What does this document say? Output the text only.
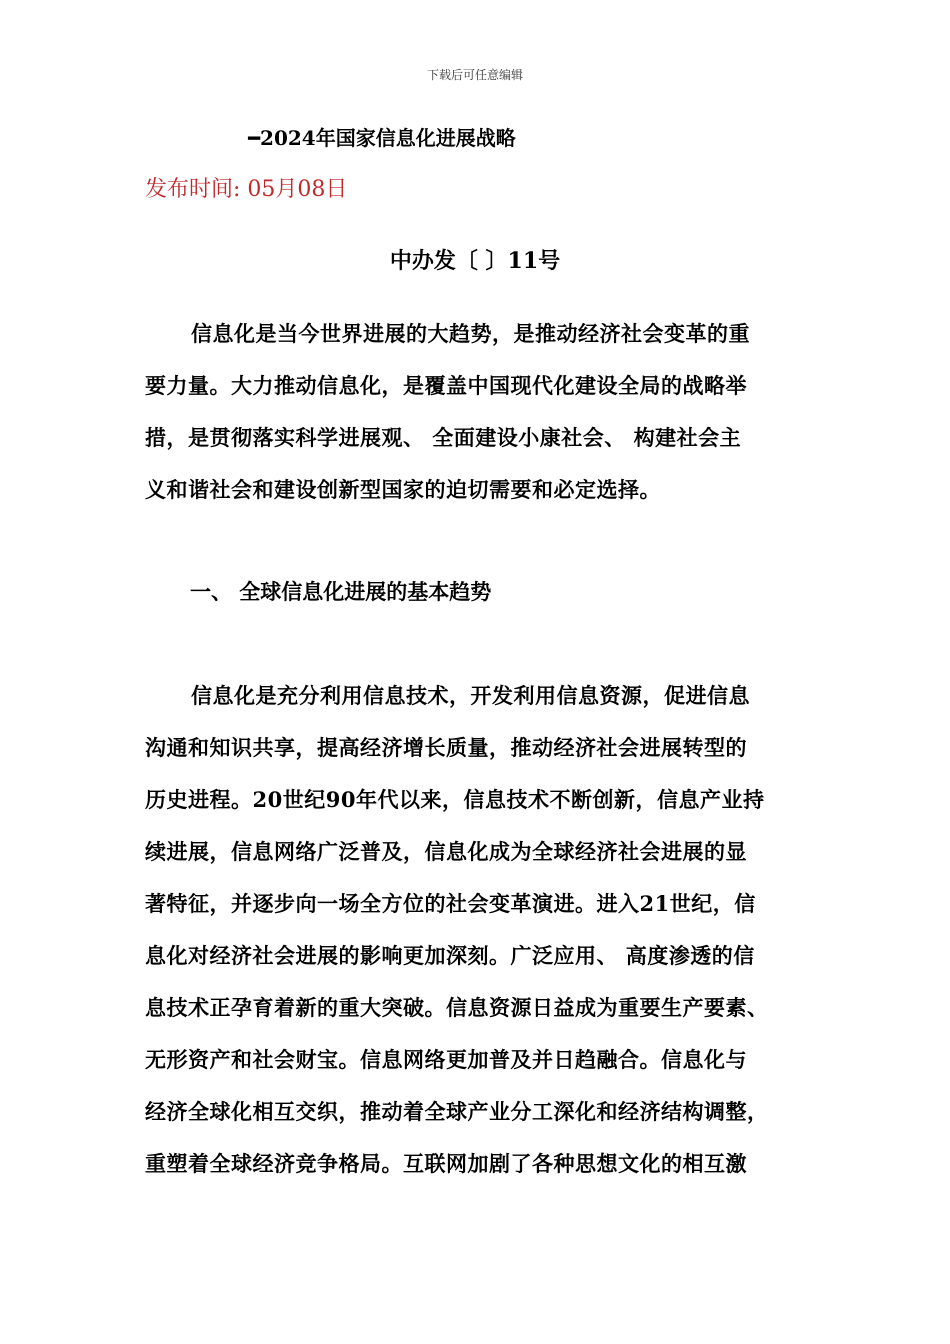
下载后可任意编辑
━2024年国家信息化进展战略
发布时间: 05月08日
中办发〔 〕11号
信息化是当今世界进展的大趋势，是推动经济社会变革的重
要力量。大力推动信息化，是覆盖中国现代化建设全局的战略举
措，是贯彻落实科学进展观、 全面建设小康社会、 构建社会主
义和谐社会和建设创新型国家的迫切需要和必定选择。
一、 全球信息化进展的基本趋势
信息化是充分利用信息技术，开发利用信息资源，促进信息
沟通和知识共享，提高经济增长质量，推动经济社会进展转型的
历史进程。20世纪90年代以来，信息技术不断创新，信息产业持
续进展，信息网络广泛普及，信息化成为全球经济社会进展的显
著特征，并逐步向一场全方位的社会变革演进。进入21世纪，信
息化对经济社会进展的影响更加深刻。广泛应用、 高度渗透的信
息技术正孕育着新的重大突破。信息资源日益成为重要生产要素、
无形资产和社会财宝。信息网络更加普及并日趋融合。信息化与
经济全球化相互交织，推动着全球产业分工深化和经济结构调整，
重塑着全球经济竞争格局。互联网加剧了各种思想文化的相互激
